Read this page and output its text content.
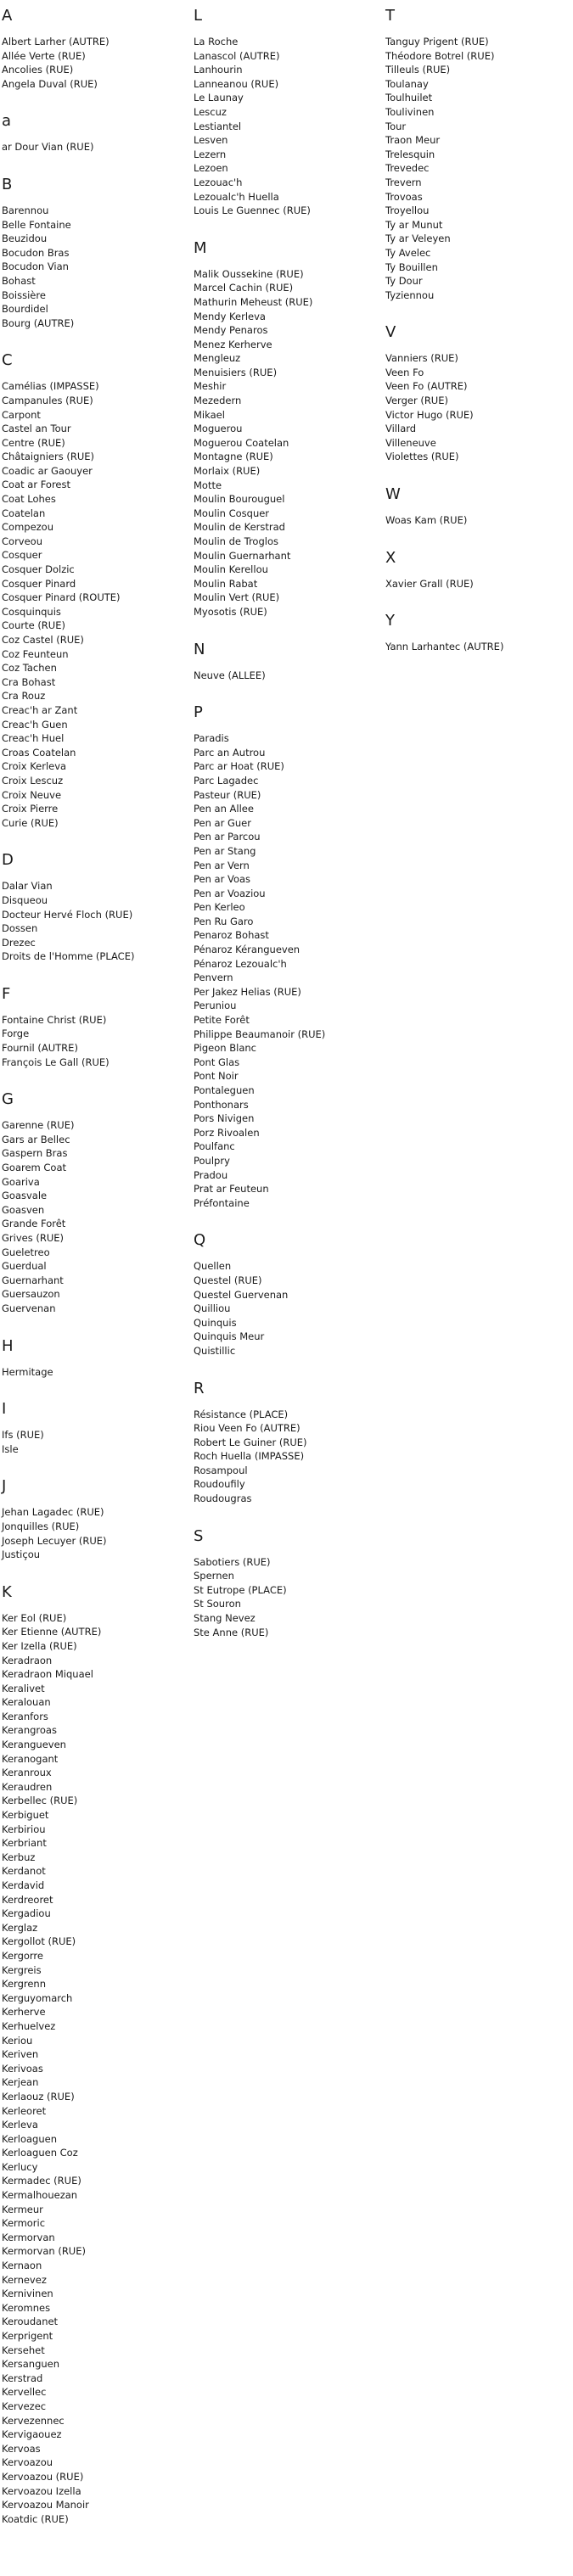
A
Albert Larher (AUTRE)
Allée Verte (RUE)
Ancolies (RUE)
Angela Duval (RUE)
a
ar Dour Vian (RUE)
B
Barennou
Belle Fontaine
Beuzidou
Bocudon Bras
Bocudon Vian
Bohast
Boissière
Bourdidel
Bourg (AUTRE)
C
Camélias (IMPASSE)
Campanules (RUE)
Carpont
Castel an Tour
Centre (RUE)
Châtaigniers (RUE)
Coadic ar Gaouyer
Coat ar Forest
Coat Lohes
Coatelan
Compezou
Corveou
Cosquer
Cosquer Dolzic
Cosquer Pinard
Cosquer Pinard (ROUTE)
Cosquinquis
Courte (RUE)
Coz Castel (RUE)
Coz Feunteun
Coz Tachen
Cra Bohast
Cra Rouz
Creac'h ar Zant
Creac'h Guen
Creac'h Huel
Croas Coatelan
Croix Kerleva
Croix Lescuz
Croix Neuve
Croix Pierre
Curie (RUE)
D
Dalar Vian
Disqueou
Docteur Hervé Floch (RUE)
Dossen
Drezec
Droits de l'Homme (PLACE)
F
Fontaine Christ (RUE)
Forge
Fournil (AUTRE)
François Le Gall (RUE)
G
Garenne (RUE)
Gars ar Bellec
Gaspern Bras
Goarem Coat
Goariva
Goasvale
Goasven
Grande Forêt
Grives (RUE)
Gueletreo
Guerdual
Guernarhant
Guersauzon
Guervenan
H
Hermitage
I
Ifs (RUE)
Isle
J
Jehan Lagadec (RUE)
Jonquilles (RUE)
Joseph Lecuyer (RUE)
Justiçou
K
Ker Eol (RUE)
Ker Etienne (AUTRE)
Ker Izella (RUE)
Keradraon
Keradraon Miquael
Keralivet
Keralouan
Keranfors
Kerangroas
Kerangueven
Keranogant
Keranroux
Keraudren
Kerbellec (RUE)
Kerbiguet
Kerbiriou
Kerbriant
Kerbuz
Kerdanot
Kerdavid
Kerdreoret
Kergadiou
Kerglaz
Kergollot (RUE)
Kergorre
Kergreis
Kergrenn
Kerguyomarch
Kerherve
Kerhuelvez
Keriou
Keriven
Kerivoas
Kerjean
Kerlaouz (RUE)
Kerleoret
Kerleva
Kerloaguen
Kerloaguen Coz
Kerlucy
Kermadec (RUE)
Kermalhouezan
Kermeur
Kermoric
Kermorvan
Kermorvan (RUE)
Kernaon
Kernevez
Kernivinen
Keromnes
Keroudanet
Kerprigent
Kersehet
Kersanguen
Kerstrad
Kervellec
Kervezec
Kervezennec
Kervigaouez
Kervoas
Kervoazou
Kervoazou (RUE)
Kervoazou Izella
Kervoazou Manoir
Koatdic (RUE)
L
La Roche
Lanascol (AUTRE)
Lanhourin
Lanneanou (RUE)
Le Launay
Lescuz
Lestiantel
Lesven
Lezern
Lezoen
Lezouac'h
Lezoualc'h Huella
Louis Le Guennec (RUE)
M
Malik Oussekine (RUE)
Marcel Cachin (RUE)
Mathurin Meheust (RUE)
Mendy Kerleva
Mendy Penaros
Menez Kerherve
Mengleuz
Menuisiers (RUE)
Meshir
Mezedern
Mikael
Moguerou
Moguerou Coatelan
Montagne (RUE)
Morlaix (RUE)
Motte
Moulin Bourouguel
Moulin Cosquer
Moulin de Kerstrad
Moulin de Troglos
Moulin Guernarhant
Moulin Kerellou
Moulin Rabat
Moulin Vert (RUE)
Myosotis (RUE)
N
Neuve (ALLEE)
P
Paradis
Parc an Autrou
Parc ar Hoat (RUE)
Parc Lagadec
Pasteur (RUE)
Pen an Allee
Pen ar Guer
Pen ar Parcou
Pen ar Stang
Pen ar Vern
Pen ar Voas
Pen ar Voaziou
Pen Kerleo
Pen Ru Garo
Penaroz Bohast
Pénaroz Kérangueven
Pénaroz Lezoualc'h
Penvern
Per Jakez Helias (RUE)
Peruniou
Petite Forêt
Philippe Beaumanoir (RUE)
Pigeon Blanc
Pont Glas
Pont Noir
Pontaleguen
Ponthonars
Pors Nivigen
Porz Rivoalen
Poulfanc
Poulpry
Pradou
Prat ar Feuteun
Préfontaine
Q
Quellen
Questel (RUE)
Questel Guervenan
Quilliou
Quinquis
Quinquis Meur
Quistillic
R
Résistance (PLACE)
Riou Veen Fo (AUTRE)
Robert Le Guiner (RUE)
Roch Huella (IMPASSE)
Rosampoul
Roudoufily
Roudougras
S
Sabotiers (RUE)
Spernen
St Eutrope (PLACE)
St Souron
Stang Nevez
Ste Anne (RUE)
T
Tanguy Prigent (RUE)
Théodore Botrel (RUE)
Tilleuls (RUE)
Toulanay
Toulhuilet
Toulivinen
Tour
Traon Meur
Trelesquin
Trevedec
Trevern
Trovoas
Troyellou
Ty ar Munut
Ty ar Veleyen
Ty Avelec
Ty Bouillen
Ty Dour
Tyziennou
V
Vanniers (RUE)
Veen Fo
Veen Fo (AUTRE)
Verger (RUE)
Victor Hugo (RUE)
Villard
Villeneuve
Violettes (RUE)
W
Woas Kam (RUE)
X
Xavier Grall (RUE)
Y
Yann Larhantec (AUTRE)
